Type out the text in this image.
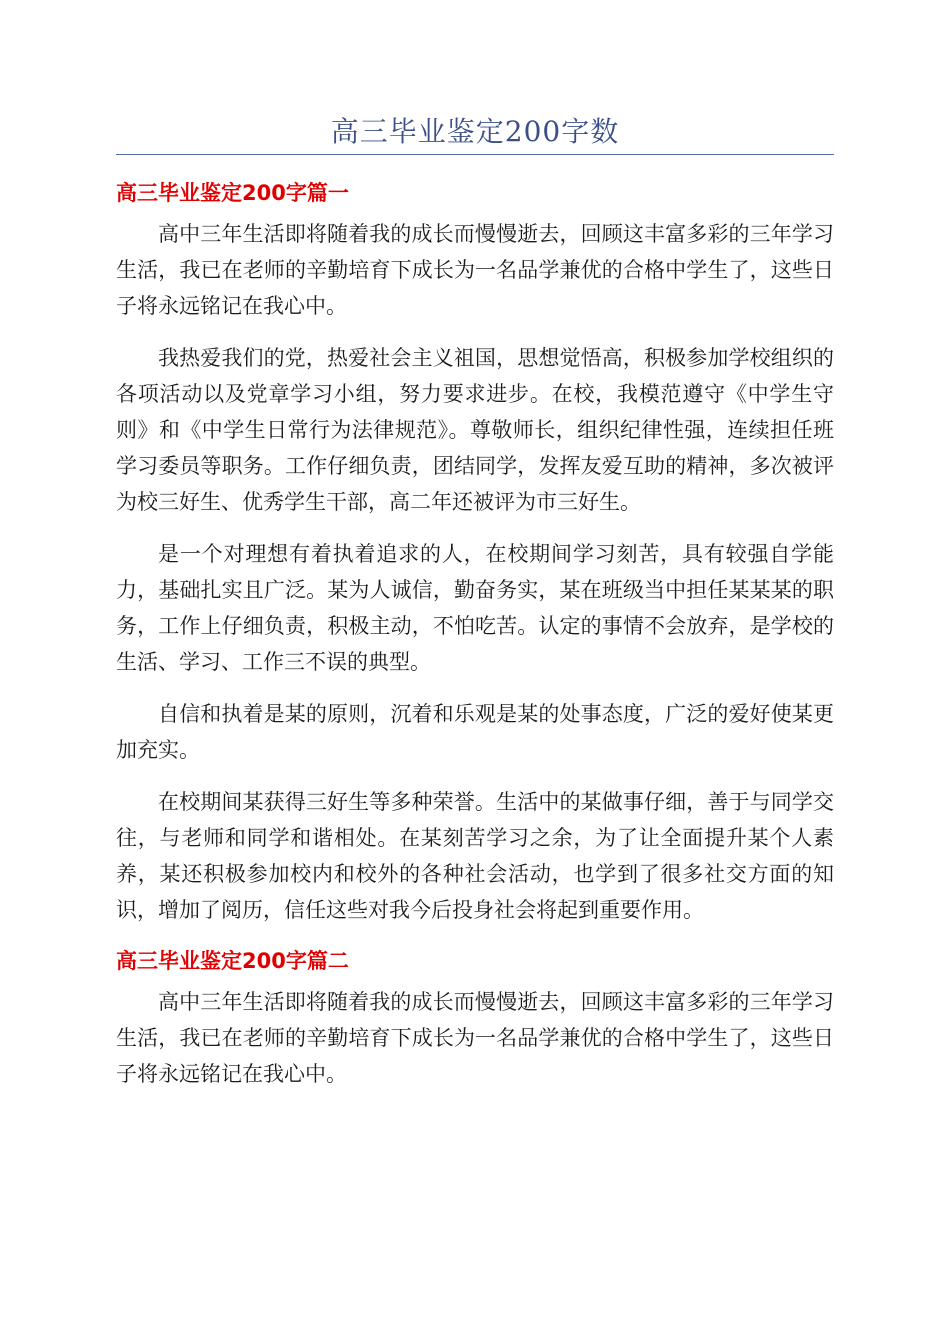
高三毕业鉴定200字数
高三毕业鉴定200字篇一

高中三年生活即将随着我的成长而慢慢逝去，回顾这丰富多彩的三年学习生活，我已在老师的辛勤培育下成长为一名品学兼优的合格中学生了，这些日子将永远铭记在我心中。

我热爱我们的党，热爱社会主义祖国，思想觉悟高，积极参加学校组织的各项活动以及党章学习小组，努力要求进步。在校，我模范遵守《中学生守则》和《中学生日常行为法律规范》。尊敬师长，组织纪律性强，连续担任班学习委员等职务。工作仔细负责，团结同学，发挥友爱互助的精神，多次被评为校三好生、优秀学生干部，高二年还被评为市三好生。

是一个对理想有着执着追求的人，在校期间学习刻苦，具有较强自学能力，基础扎实且广泛。某为人诚信，勤奋务实，某在班级当中担任某某某的职务，工作上仔细负责，积极主动，不怕吃苦。认定的事情不会放弃，是学校的生活、学习、工作三不误的典型。

自信和执着是某的原则，沉着和乐观是某的处事态度，广泛的爱好使某更加充实。

在校期间某获得三好生等多种荣誉。生活中的某做事仔细，善于与同学交往，与老师和同学和谐相处。在某刻苦学习之余，为了让全面提升某个人素养，某还积极参加校内和校外的各种社会活动，也学到了很多社交方面的知识，增加了阅历，信任这些对我今后投身社会将起到重要作用。

高三毕业鉴定200字篇二

高中三年生活即将随着我的成长而慢慢逝去，回顾这丰富多彩的三年学习生活，我已在老师的辛勤培育下成长为一名品学兼优的合格中学生了，这些日子将永远铭记在我心中。
